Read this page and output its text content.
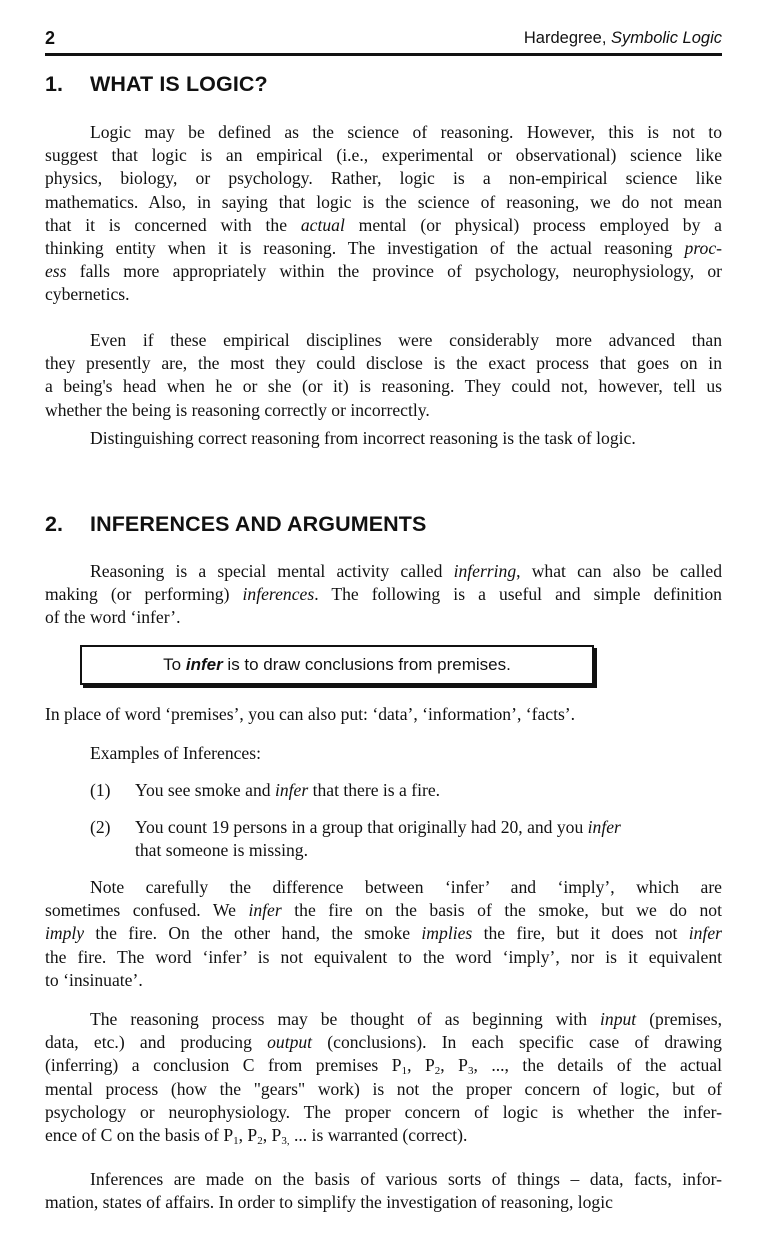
2	Hardegree, Symbolic Logic
1. WHAT IS LOGIC?
Logic may be defined as the science of reasoning. However, this is not to
suggest that logic is an empirical (i.e., experimental or observational) science like
physics, biology, or psychology. Rather, logic is a non-empirical science like
mathematics. Also, in saying that logic is the science of reasoning, we do not mean
that it is concerned with the actual mental (or physical) process employed by a
thinking entity when it is reasoning. The investigation of the actual reasoning proc-
ess falls more appropriately within the province of psychology, neurophysiology, or
cybernetics.
Even if these empirical disciplines were considerably more advanced than
they presently are, the most they could disclose is the exact process that goes on in
a being's head when he or she (or it) is reasoning. They could not, however, tell us
whether the being is reasoning correctly or incorrectly.
Distinguishing correct reasoning from incorrect reasoning is the task of logic.
2. INFERENCES AND ARGUMENTS
Reasoning is a special mental activity called inferring, what can also be called
making (or performing) inferences. The following is a useful and simple definition
of the word ‘infer’.
To infer is to draw conclusions from premises.
In place of word ‘premises’, you can also put: ‘data’, ‘information’, ‘facts’.
Examples of Inferences:
(1) You see smoke and infer that there is a fire.
(2) You count 19 persons in a group that originally had 20, and you infer
that someone is missing.
Note carefully the difference between ‘infer’ and ‘imply’, which are
sometimes confused. We infer the fire on the basis of the smoke, but we do not
imply the fire. On the other hand, the smoke implies the fire, but it does not infer
the fire. The word ‘infer’ is not equivalent to the word ‘imply’, nor is it equivalent
to ‘insinuate’.
The reasoning process may be thought of as beginning with input (premises,
data, etc.) and producing output (conclusions). In each specific case of drawing
(inferring) a conclusion C from premises $P_1$, $P_2$, $P_3$, ..., the details of the actual
mental process (how the "gears" work) is not the proper concern of logic, but of
psychology or neurophysiology. The proper concern of logic is whether the infer-
ence of C on the basis of $P_1$, $P_2$, $P_{3,}$ ... is warranted (correct).
Inferences are made on the basis of various sorts of things – data, facts, infor-
mation, states of affairs. In order to simplify the investigation of reasoning, logic
